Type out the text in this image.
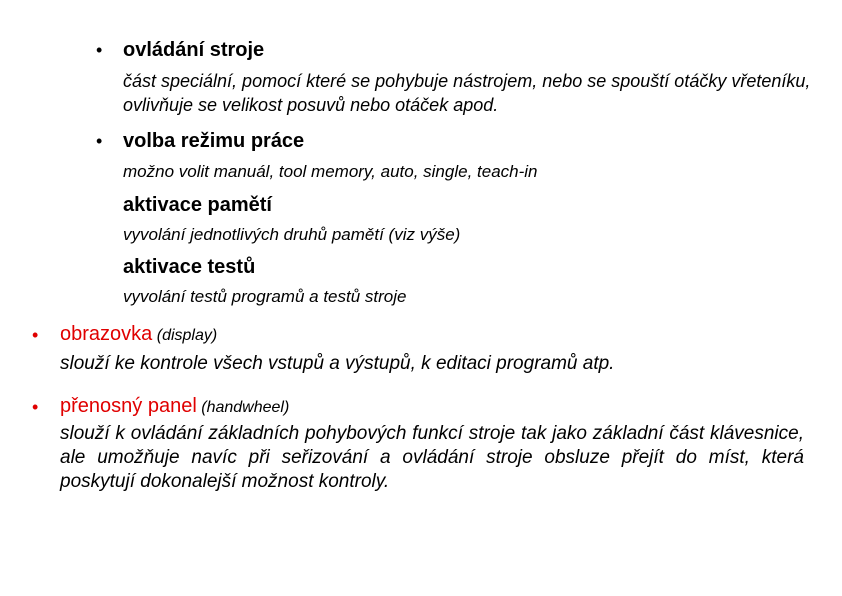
• ovládání stroje
část speciální, pomocí které se pohybuje nástrojem, nebo se spouští otáčky vřeteníku, ovlivňuje se velikost posuvů nebo otáček apod.
• volba režimu práce
možno volit manuál, tool memory, auto, single, teach-in
aktivace pamětí
vyvolání jednotlivých druhů pamětí (viz výše)
aktivace testů
vyvolání testů programů a testů stroje
• obrazovka (display)
slouží ke kontrole všech vstupů a výstupů, k editaci programů atp.
• přenosný panel (handwheel)
slouží k ovládání základních pohybových funkcí stroje tak jako základní část klávesnice, ale umožňuje navíc při seřizování a ovládání stroje obsluze přejít do míst, která poskytují dokonalejší možnost kontroly.
